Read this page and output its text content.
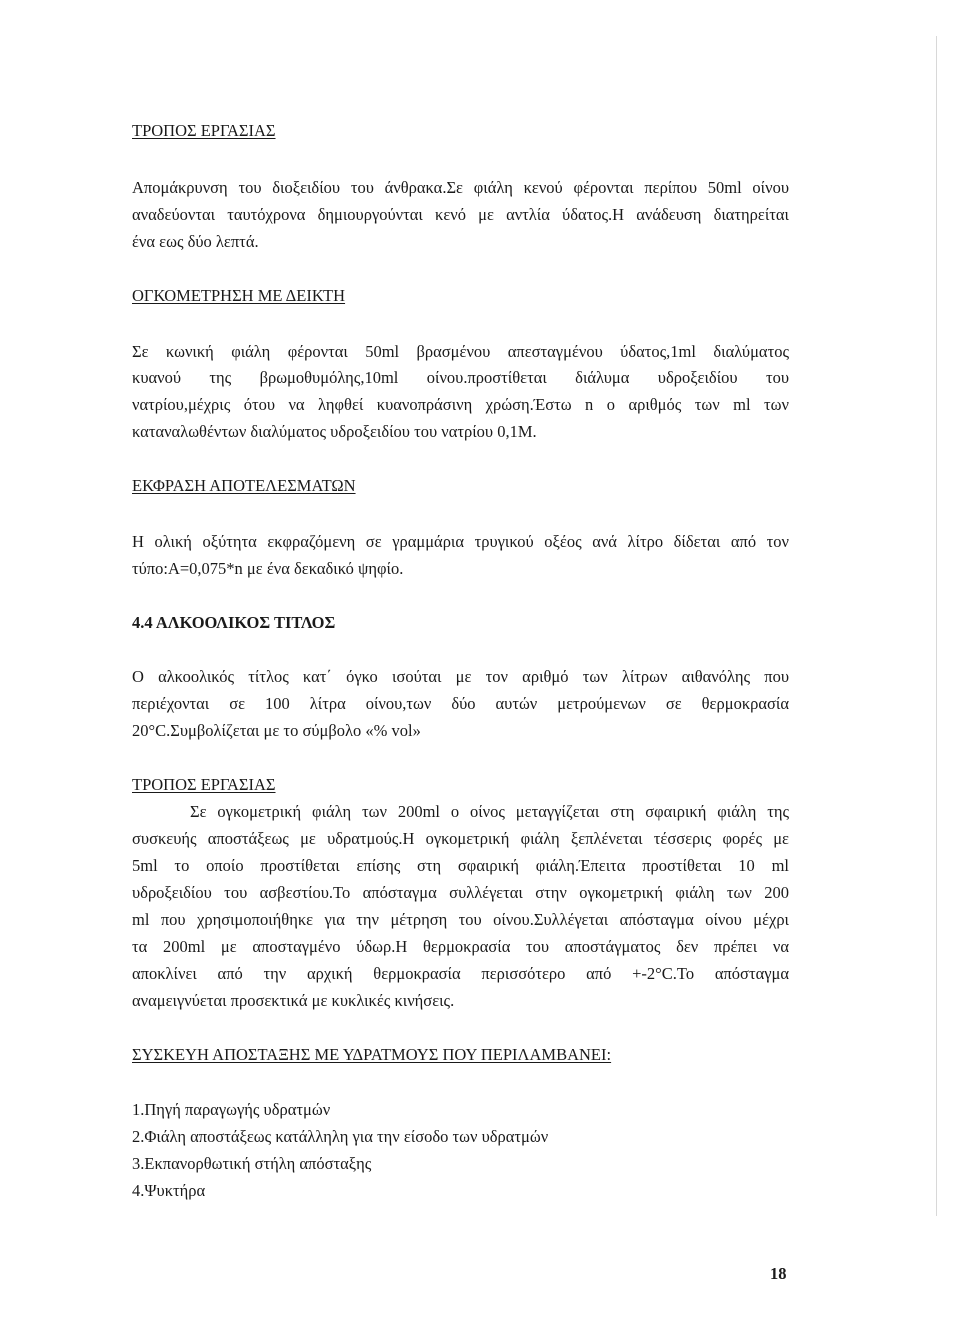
ΤΡΟΠΟΣ ΕΡΓΑΣΙΑΣ
Απομάκρυνση του διοξειδίου του άνθρακα.Σε φιάλη κενού φέρονται περίπου 50ml οίνου
αναδεύονται ταυτόχρονα δημιουργούνται κενό με αντλία ύδατος.Η ανάδευση διατηρείται
ένα εως δύο λεπτά.
ΟΓΚΟΜΕΤΡΗΣΗ ΜΕ ΔΕΙΚΤΗ
Σε κωνική φιάλη φέρονται 50ml βρασμένου απεσταγμένου ύδατος,1ml διαλύματος
κυανού της βρωμοθυμόλης,10ml οίνου.προστίθεται διάλυμα υδροξειδίου του
νατρίου,μέχρις ότου να ληφθεί κυανοπράσινη χρώση.Έστω n ο αριθμός των ml των
καταναλωθέντων διαλύματος υδροξειδίου του νατρίου 0,1Μ.
ΕΚΦΡΑΣΗ ΑΠΟΤΕΛΕΣΜΑΤΩΝ
Η ολική οξύτητα εκφραζόμενη σε γραμμάρια τρυγικού οξέος ανά λίτρο δίδεται από τον
τύπο:Α=0,075*n με ένα δεκαδικό ψηφίο.
4.4 ΑΛΚΟΟΛΙΚΟΣ ΤΙΤΛΟΣ
Ο αλκοολικός τίτλος κατ΄ όγκο ισούται με τον αριθμό των λίτρων αιθανόλης που
περιέχονται σε 100 λίτρα οίνου,των δύο αυτών μετρούμενων σε θερμοκρασία
20°C.Συμβολίζεται με το σύμβολο «% vol»
ΤΡΟΠΟΣ ΕΡΓΑΣΙΑΣ
Σε ογκομετρική φιάλη των 200ml ο οίνος μεταγγίζεται στη σφαιρική φιάλη της
συσκευής αποστάξεως με υδρατμούς.Η ογκομετρική φιάλη ξεπλένεται τέσσερις φορές με
5ml το οποίο προστίθεται επίσης στη σφαιρική φιάλη.Έπειτα προστίθεται 10 ml
υδροξειδίου του ασβεστίου.Το απόσταγμα συλλέγεται στην ογκομετρική φιάλη των 200
ml που χρησιμοποιήθηκε για την μέτρηση του οίνου.Συλλέγεται απόσταγμα οίνου μέχρι
τα 200ml με αποσταγμένο ύδωρ.Η θερμοκρασία του αποστάγματος δεν πρέπει να
αποκλίνει από την αρχική θερμοκρασία περισσότερο από +-2°C.Το απόσταγμα
αναμειγνύεται προσεκτικά με κυκλικές κινήσεις.
ΣΥΣΚΕΥΗ ΑΠΟΣΤΑΞΗΣ ΜΕ ΥΔΡΑΤΜΟΥΣ ΠΟΥ ΠΕΡΙΛΑΜΒΑΝΕΙ:
1.Πηγή παραγωγής υδρατμών
2.Φιάλη αποστάξεως κατάλληλη για την είσοδο των υδρατμών
3.Εκπανορθωτική στήλη απόσταξης
4.Ψυκτήρα
18
